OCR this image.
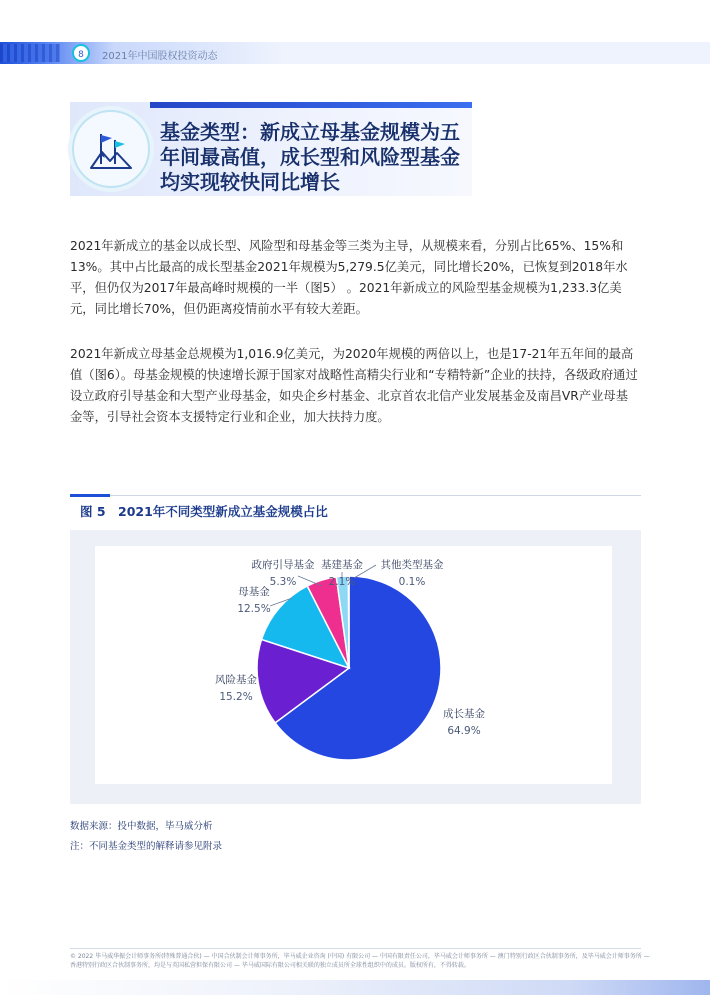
8	2021年中国股权投资动态
基金类型：新成立母基金规模为五年间最高值，成长型和风险型基金均实现较快同比增长
2021年新成立的基金以成长型、风险型和母基金等三类为主导，从规模来看，分别占比65%、15%和13%。其中占比最高的成长型基金2021年规模为5,279.5亿美元，同比增长20%，已恢复到2018年水平，但仍仅为2017年最高峰时规模的一半（图5） 。2021年新成立的风险型基金规模为1,233.3亿美元，同比增长70%，但仍距离疫情前水平有较大差距。
2021年新成立母基金总规模为1,016.9亿美元，为2020年规模的两倍以上，也是17-21年五年间的最高值（图6）。母基金规模的快速增长源于国家对战略性高精尖行业和“专精特新”企业的扶持，各级政府通过设立政府引导基金和大型产业母基金，如央企乡村基金、北京首农北信产业发展基金及南昌VR产业母基金等，引导社会资本支援特定行业和企业，加大扶持力度。
图 5 2021年不同类型新成立基金规模占比
成长基金
64.9%
风险基金
15.2%
母基金
12.5%
政府引导基金
5.3%
基建基金
2.1%
其他类型基金
0.1%
数据来源：投中数据，毕马威分析
注：不同基金类型的解释请参见附录
© 2022 毕马威华振会计师事务所(特殊普通合伙) — 中国合伙制会计师事务所，毕马威企业咨询 (中国) 有限公司 — 中国有限责任公司，毕马威会计师事务所 — 澳门特别行政区合伙制事务所，及毕马威会计师事务所 — 香港特别行政区合伙制事务所，均是与英国私营担保有限公司 — 毕马威国际有限公司相关联的独立成员所全球性组织中的成员。版权所有，不得转载。
